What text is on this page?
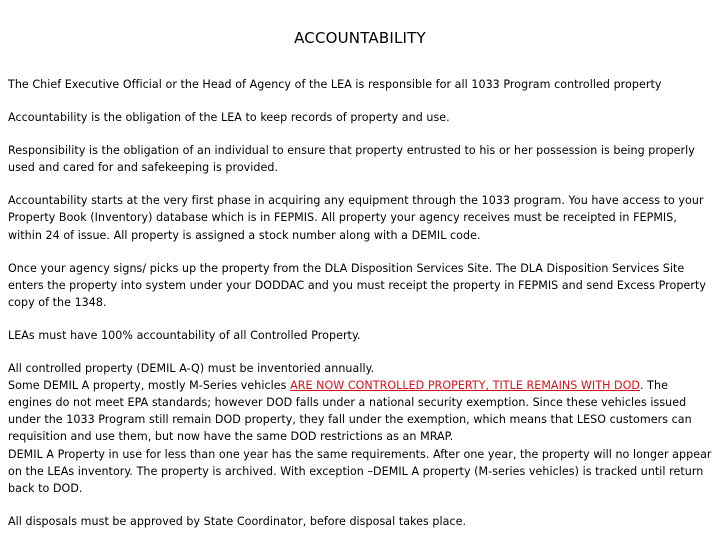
ACCOUNTABILITY

The Chief Executive Official or the Head of Agency of the LEA is responsible for all 1033 Program controlled property

Accountability is the obligation of the LEA to keep records of property and use.

Responsibility is the obligation of an individual to ensure that property entrusted to his or her possession is being properly used and cared for and safekeeping is provided.

Accountability starts at the very first phase in acquiring any equipment through the 1033 program. You have access to your Property Book (Inventory) database which is in FEPMIS. All property your agency receives must be receipted in FEPMIS, within 24 of issue. All property is assigned a stock number along with a DEMIL code.

Once your agency signs/ picks up the property from the DLA Disposition Services Site. The DLA Disposition Services Site enters the property into system under your DODDAC and you must receipt the property in FEPMIS and send Excess Property copy of the 1348.

LEAs must have 100% accountability of all Controlled Property.

All controlled property (DEMIL A-Q) must be inventoried annually.

Some DEMIL A property, mostly M-Series vehicles ARE NOW CONTROLLED PROPERTY, TITLE REMAINS WITH DOD. The engines do not meet EPA standards; however DOD falls under a national security exemption. Since these vehicles issued under the 1033 Program still remain DOD property, they fall under the exemption, which means that LESO customers can requisition and use them, but now have the same DOD restrictions as an MRAP.

DEMIL A Property in use for less than one year has the same requirements. After one year, the property will no longer appear on the LEAs inventory. The property is archived. With exception –DEMIL A property (M-series vehicles) is tracked until return back to DOD.

All disposals must be approved by State Coordinator, before disposal takes place.
